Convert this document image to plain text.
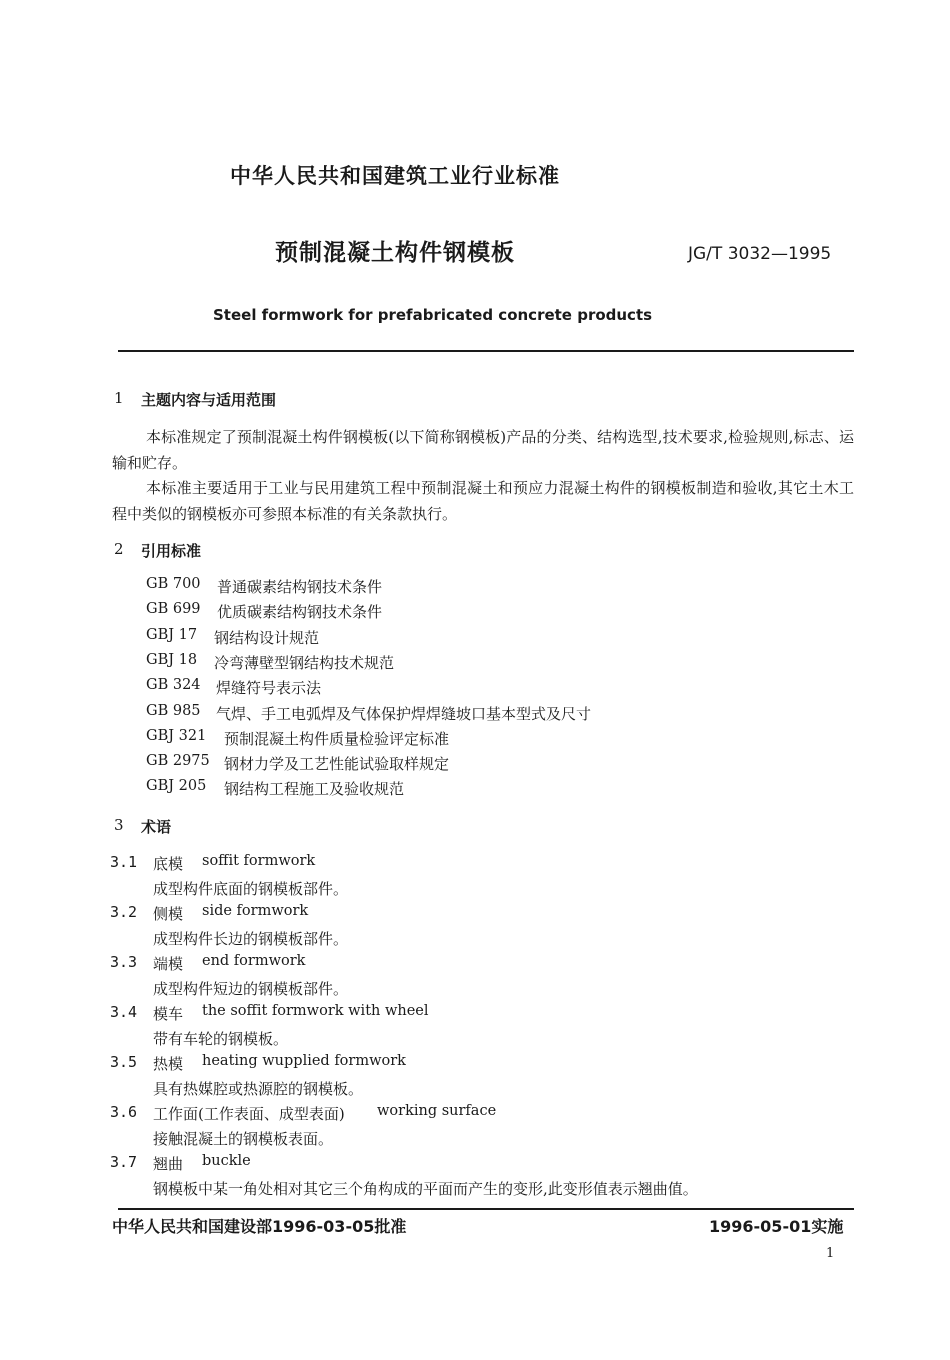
中华人民共和国建筑工业行业标准
预制混凝土构件钢模板	JG/T 3032—1995
Steel formwork for prefabricated concrete products
1 主题内容与适用范围
本标准规定了预制混凝土构件钢模板(以下简称钢模板)产品的分类、结构选型,技术要求,检验规则,标志、运输和贮存。
本标准主要适用于工业与民用建筑工程中预制混凝土和预应力混凝土构件的钢模板制造和验收,其它土木工程中类似的钢模板亦可参照本标准的有关条款执行。
2 引用标准
GB 700 普通碳素结构钢技术条件
GB 699 优质碳素结构钢技术条件
GBJ 17 钢结构设计规范
GBJ 18 冷弯薄壁型钢结构技术规范
GB 324 焊缝符号表示法
GB 985 气焊、手工电弧焊及气体保护焊焊缝坡口基本型式及尺寸
GBJ 321 预制混凝土构件质量检验评定标准
GB 2975 钢材力学及工艺性能试验取样规定
GBJ 205 钢结构工程施工及验收规范
3 术语
3.1 底模 soffit formwork
成型构件底面的钢模板部件。
3.2 侧模 side formwork
成型构件长边的钢模板部件。
3.3 端模 end formwork
成型构件短边的钢模板部件。
3.4 模车 the soffit formwork with wheel
带有车轮的钢模板。
3.5 热模 heating wupplied formwork
具有热媒腔或热源腔的钢模板。
3.6 工作面(工作表面、成型表面) working surface
接触混凝土的钢模板表面。
3.7 翘曲 buckle
钢模板中某一角处相对其它三个角构成的平面而产生的变形,此变形值表示翘曲值。
中华人民共和国建设部1996-03-05批准	1996-05-01实施
1
